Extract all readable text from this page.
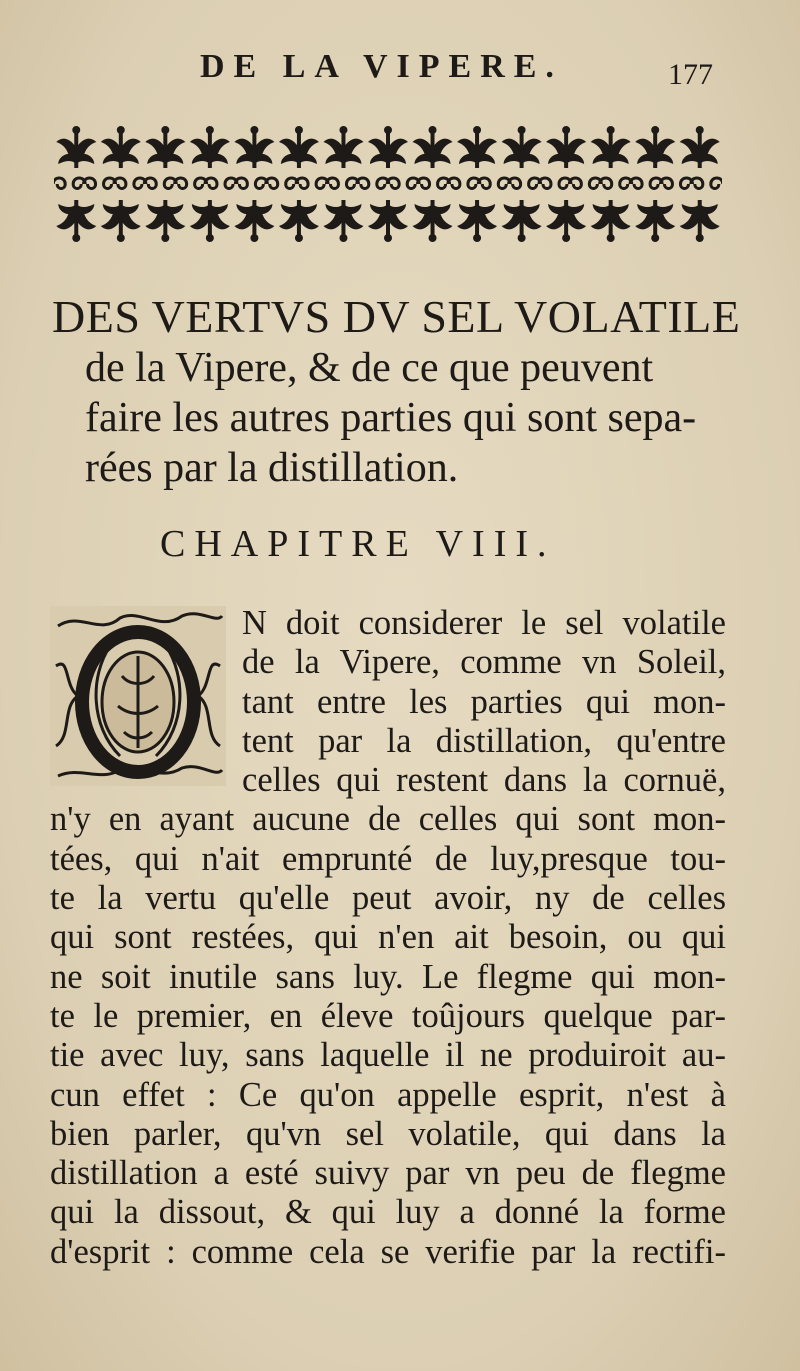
DE LA VIPERE.	177
DES VERTVS DV SEL VOLATILE
de la Vipere, & de ce que peuvent
faire les autres parties qui sont sepa-
rées par la distillation.
CHAPITRE VIII.
N doit considerer le sel volatile
de la Vipere, comme vn Soleil,
tant entre les parties qui mon-
tent par la distillation, qu'entre
celles qui restent dans la cornuë,
n'y en ayant aucune de celles qui sont mon-
tées, qui n'ait emprunté de luy,presque tou-
te la vertu qu'elle peut avoir, ny de celles
qui sont restées, qui n'en ait besoin, ou qui
ne soit inutile sans luy. Le flegme qui mon-
te le premier, en éleve toûjours quelque par-
tie avec luy, sans laquelle il ne produiroit au-
cun effet : Ce qu'on appelle esprit, n'est à
bien parler, qu'vn sel volatile, qui dans la
distillation a esté suivy par vn peu de flegme
qui la dissout, & qui luy a donné la forme
d'esprit : comme cela se verifie par la rectifi-
